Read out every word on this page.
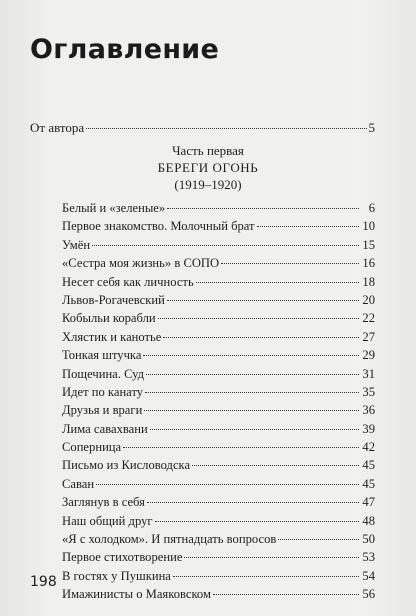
Оглавление
От автора	5
Часть первая
БЕРЕГИ ОГОНЬ
(1919–1920)
Белый и «зеленые»	6
Первое знакомство. Молочный брат	10
Умён	15
«Сестра моя жизнь» в СОПО	16
Несет себя как личность	18
Львов-Рогачевский	20
Кобыльи корабли	22
Хлястик и канотье	27
Тонкая штучка	29
Пощечина. Суд	31
Идет по канату	35
Друзья и враги	36
Лима савахвани	39
Соперница	42
Письмо из Кисловодска	45
Саван	45
Заглянув в себя	47
Наш общий друг	48
«Я с холодком». И пятнадцать вопросов	50
Первое стихотворение	53
В гостях у Пушкина	54
Имажинисты о Маяковском	56
198
